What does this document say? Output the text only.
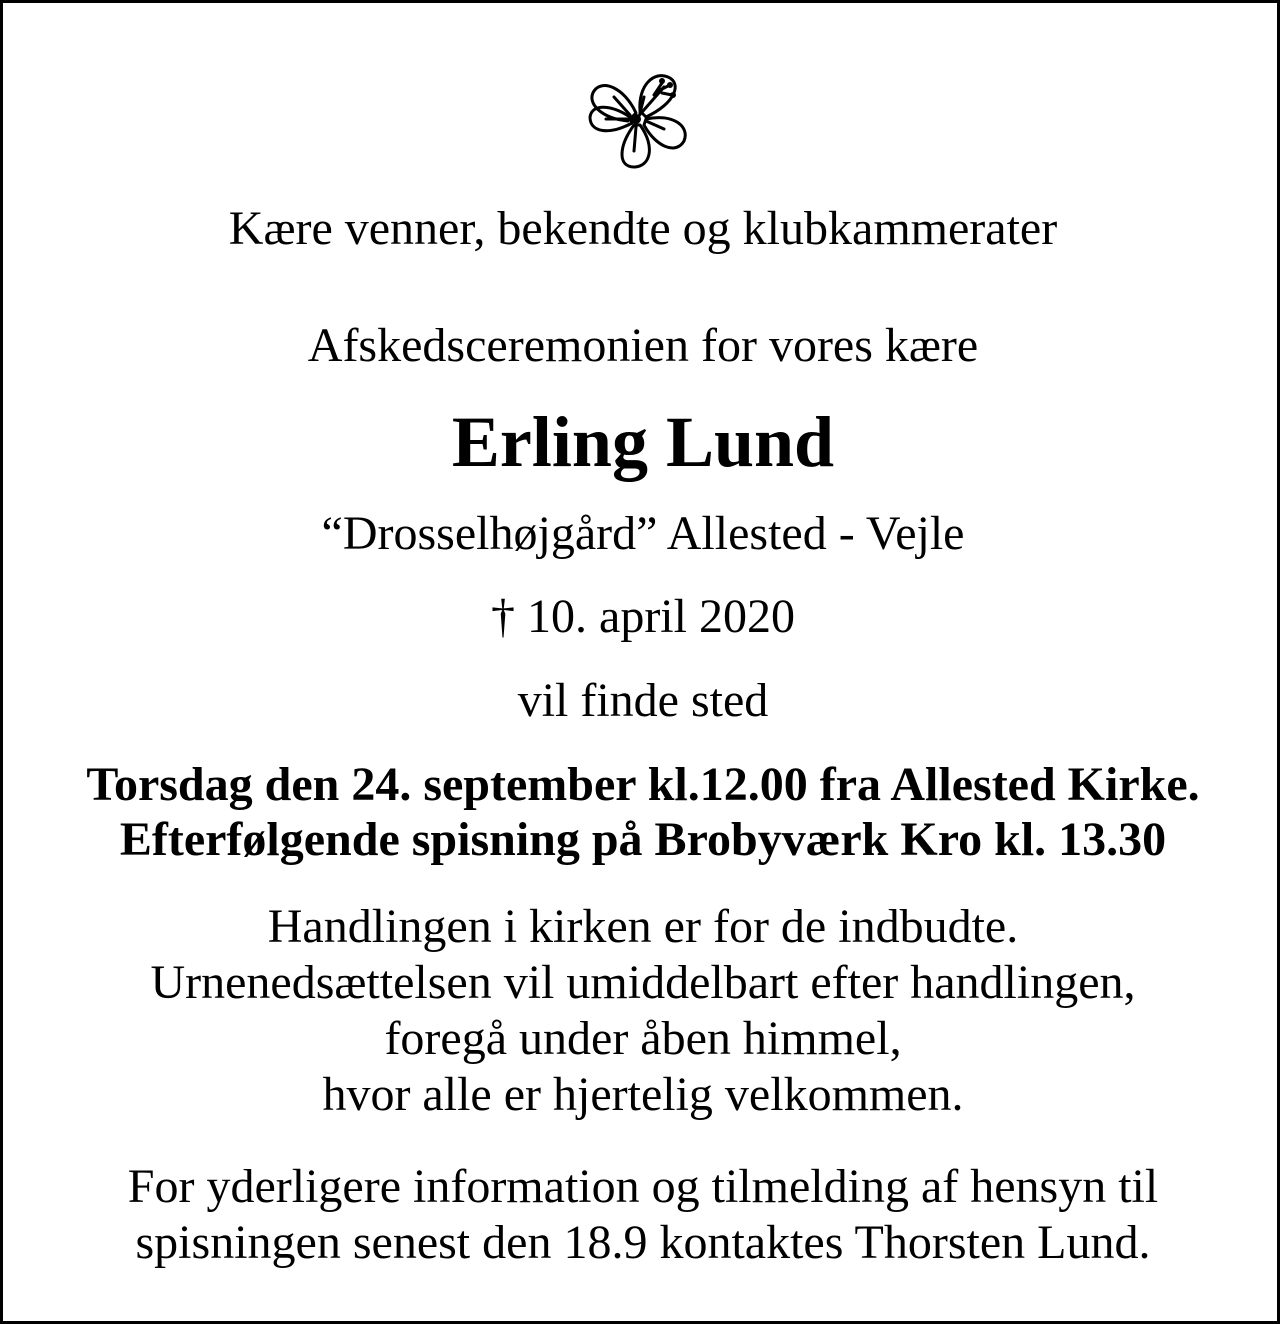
Kære venner, bekendte og klubkammerater
Afskedsceremonien for vores kære
Erling Lund
“Drosselhøjgård” Allested - Vejle
† 10. april 2020
vil finde sted
Torsdag den 24. september kl.12.00 fra Allested Kirke.
Efterfølgende spisning på Brobyværk Kro kl. 13.30
Handlingen i kirken er for de indbudte.
Urnenedsættelsen vil umiddelbart efter handlingen,
foregå under åben himmel,
hvor alle er hjertelig velkommen.
For yderligere information og tilmelding af hensyn til
spisningen senest den 18.9 kontaktes Thorsten Lund.
